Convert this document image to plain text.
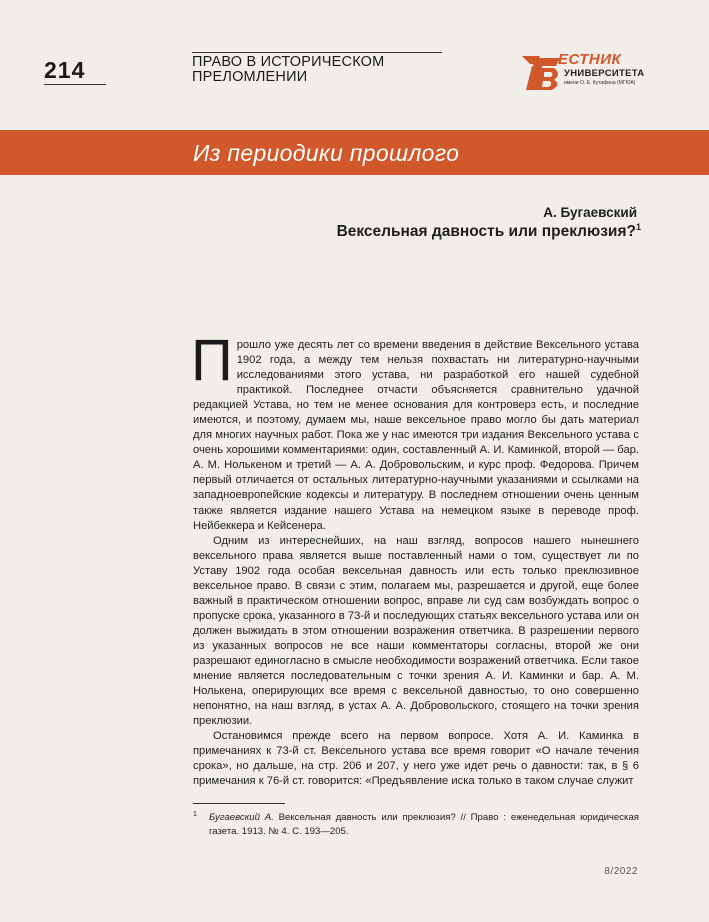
214	ПРАВО В ИСТОРИЧЕСКОМ ПРЕЛОМЛЕНИИ
ЕСТНИК
УНИВЕРСИТЕТА
имени О. Е. Кутафина (МГЮА)
Из периодики прошлого
А. Бугаевский
Вексельная давность или преклюзия?$^1$

Прошло уже десять лет со времени введения в действие Вексельного устава 1902 года, а между тем нельзя похвастать ни литературно-научными исследованиями этого устава, ни разработкой его нашей судебной практикой. Последнее отчасти объясняется сравнительно удачной редакцией Устава, но тем не менее основания для контроверз есть, и последние имеются, и поэтому, думаем мы, наше вексельное право могло бы дать материал для многих научных работ. Пока же у нас имеются три издания Вексельного устава с очень хорошими комментариями: один, составленный А. И. Каминкой, второй — бар. А. М. Нолькеном и третий — А. А. Добровольским, и курс проф. Федорова. Причем первый отличается от остальных литературно-научными указаниями и ссылками на западноевропейские кодексы и литературу. В последнем отношении очень ценным также является издание нашего Устава на немецком языке в переводе проф. Нейбеккера и Кейсенера.

Одним из интереснейших, на наш взгляд, вопросов нашего нынешнего вексельного права является выше поставленный нами о том, существует ли по Уставу 1902 года особая вексельная давность или есть только преклюзивное вексельное право. В связи с этим, полагаем мы, разрешается и другой, еще более важный в практическом отношении вопрос, вправе ли суд сам возбуждать вопрос о пропуске срока, указанного в 73-й и последующих статьях вексельного устава или он должен выжидать в этом отношении возражения ответчика. В разрешении первого из указанных вопросов не все наши комментаторы согласны, второй же они разрешают единогласно в смысле необходимости возражений ответчика. Если такое мнение является последовательным с точки зрения А. И. Каминки и бар. А. М. Нолькена, оперирующих все время с вексельной давностью, то оно совершенно непонятно, на наш взгляд, в устах А. А. Добровольского, стоящего на точки зрения преклюзии.

Остановимся прежде всего на первом вопросе. Хотя А. И. Каминка в примечаниях к 73-й ст. Вексельного устава все время говорит «О начале течения срока», но дальше, на стр. 206 и 207, у него уже идет речь о давности: так, в § 6 примечания к 76-й ст. говорится: «Предъявление иска только в таком случае служит

1	Бугаевский А. Вексельная давность или преклюзия? // Право : еженедельная юридическая газета. 1913. № 4. С. 193—205.
8/2022
